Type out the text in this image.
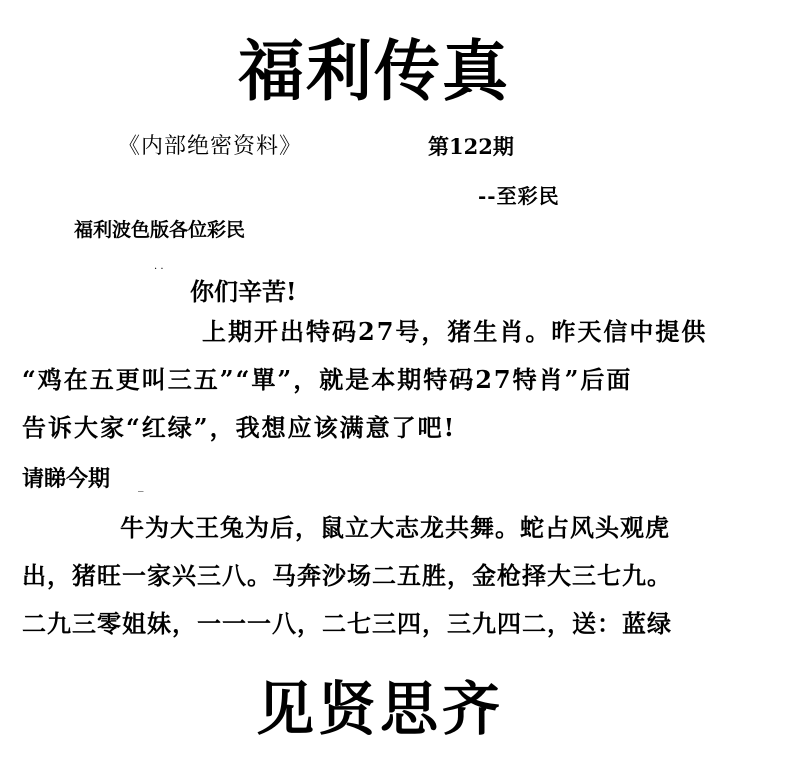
福利传真
《内部绝密资料》	第122期
--至彩民
福利波色版各位彩民
. .
你们辛苦!
上期开出特码27号，猪生肖。昨天信中提供
“鸡在五更叫三五”“單”，就是本期特码27特肖”后面
告诉大家“红绿”，我想应该满意了吧!
请睇今期	_
牛为大王兔为后，鼠立大志龙共舞。蛇占风头观虎
出，猪旺一家兴三八。马奔沙场二五胜，金枪择大三七九。
二九三零姐妹，一一一八，二七三四，三九四二，送：蓝绿
见贤思齐
